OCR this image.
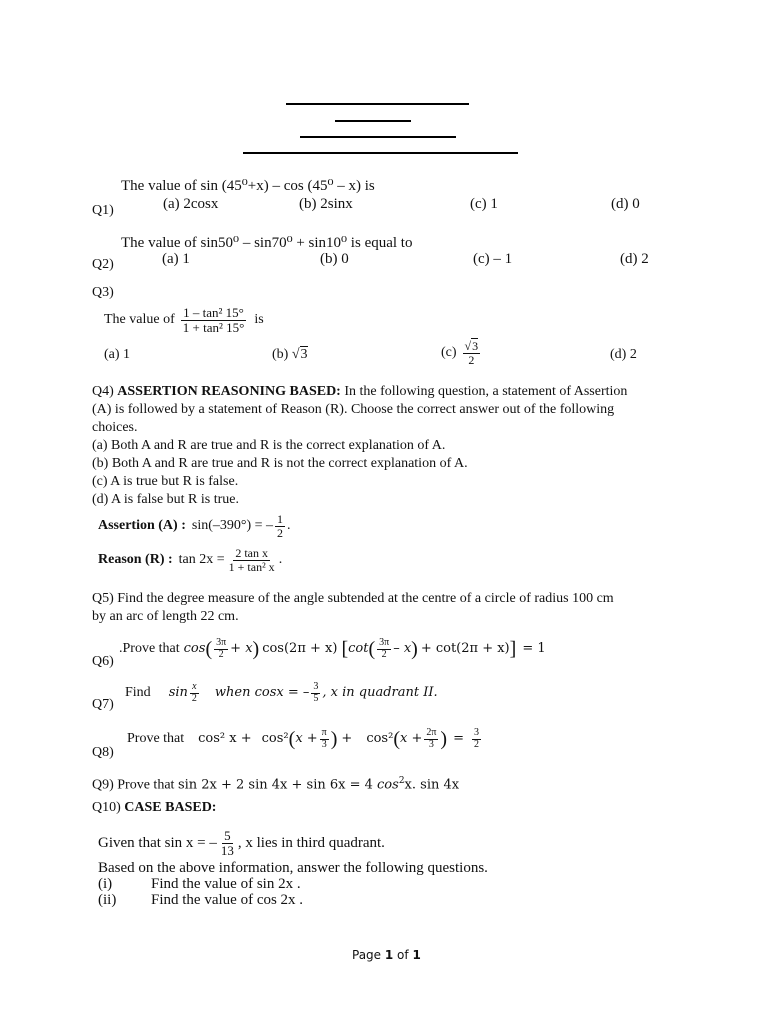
The value of sin (45⁰+x) – cos (45⁰ – x) is
Q1)	(a) 2cosx	(b) 2sinx	(c) 1	(d) 0
The value of sin50⁰ – sin70⁰ + sin10⁰ is equal to
Q2)	(a) 1	(b) 0	(c) – 1	(d) 2
Q3)
The value of $\frac{\text{1 – tan² 15°}}{\text{1 + tan² 15°}}$ is
(a) 1	(b) √3	$(c) \frac{√3}{2}$	(d) 2
Q4) ASSERTION REASONING BASED: In the following question, a statement of Assertion
(A) is followed by a statement of Reason (R). Choose the correct answer out of the following
choices.
(a) Both A and R are true and R is the correct explanation of A.
(b) Both A and R are true and R is not the correct explanation of A.
(c) A is true but R is false.
(d) A is false but R is true.
Assertion (A) : sin(–390°) = – $\frac{1}{2}$ .
Reason (R) : $\tan 2x = \frac{\text{2 tan x}}{\text{1 + tan² x}}$ .
Q5) Find the degree measure of the angle subtended at the centre of a circle of radius 100 cm
by an arc of length 22 cm.
Q6)
.Prove that cos ( $\frac{3\pi}{2} + x$ ) cos(2π + x) [ cot ( $\frac{3\pi}{2}$ – x ) + cot(2π + x) ] = 1
Q7)
Find $\sin \frac{x}{2}$ when cosx = – $\frac{3}{5}$ , x in quadrant II.
Q8)
Prove that cos² x + cos² ( $x + \frac{\pi}{3}$ ) + cos² ( $x + \frac{2\pi}{3}$ ) = $\frac{3}{2}$
Q9) Prove that sin 2x + 2 sin 4x + sin 6x = 4 $\cos^2x$. sin 4x
Q10) CASE BASED:
Given that sin x = – $\frac{5}{13}$ , x lies in third quadrant.
Based on the above information, answer the following questions.
(i)	Find the value of sin 2x .
(ii) Find the value of cos 2x .
Page 1 of 1
